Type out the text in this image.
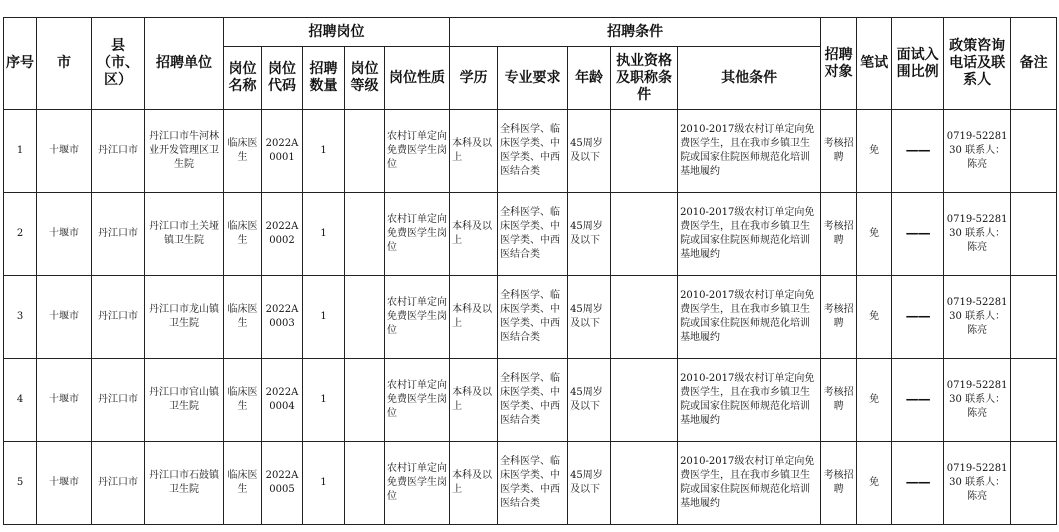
序号	市	县（市、区）	招聘单位	招聘岗位					招聘条件					招聘对象	笔试	面试入围比例	政策咨询电话及联系人	备注
				岗位名称	岗位代码	招聘数量	岗位等级	岗位性质	学历	专业要求	年龄	执业资格及职称条件	其他条件					
1	十堰市	丹江口市	丹江口市牛河林业开发管理区卫生院	临床医生	2022A0001	1		农村订单定向免费医学生岗位	本科及以上	全科医学、临床医学类、中医学类、中西医结合类	45周岁及以下		2010-2017级农村订单定向免费医学生，且在我市乡镇卫生院或国家住院医师规范化培训基地履约	考核招聘	免	——	0719-5228130 联系人：陈亮	
2	十堰市	丹江口市	丹江口市土关垭镇卫生院	临床医生	2022A0002	1		农村订单定向免费医学生岗位	本科及以上	全科医学、临床医学类、中医学类、中西医结合类	45周岁及以下		2010-2017级农村订单定向免费医学生，且在我市乡镇卫生院或国家住院医师规范化培训基地履约	考核招聘	免	——	0719-5228130 联系人：陈亮	
3	十堰市	丹江口市	丹江口市龙山镇卫生院	临床医生	2022A0003	1		农村订单定向免费医学生岗位	本科及以上	全科医学、临床医学类、中医学类、中西医结合类	45周岁及以下		2010-2017级农村订单定向免费医学生，且在我市乡镇卫生院或国家住院医师规范化培训基地履约	考核招聘	免	——	0719-5228130 联系人：陈亮	
4	十堰市	丹江口市	丹江口市官山镇卫生院	临床医生	2022A0004	1		农村订单定向免费医学生岗位	本科及以上	全科医学、临床医学类、中医学类、中西医结合类	45周岁及以下		2010-2017级农村订单定向免费医学生，且在我市乡镇卫生院或国家住院医师规范化培训基地履约	考核招聘	免	——	0719-5228130 联系人：陈亮	
5	十堰市	丹江口市	丹江口市石鼓镇卫生院	临床医生	2022A0005	1		农村订单定向免费医学生岗位	本科及以上	全科医学、临床医学类、中医学类、中西医结合类	45周岁及以下		2010-2017级农村订单定向免费医学生，且在我市乡镇卫生院或国家住院医师规范化培训基地履约	考核招聘	免	——	0719-5228130 联系人：陈亮	
